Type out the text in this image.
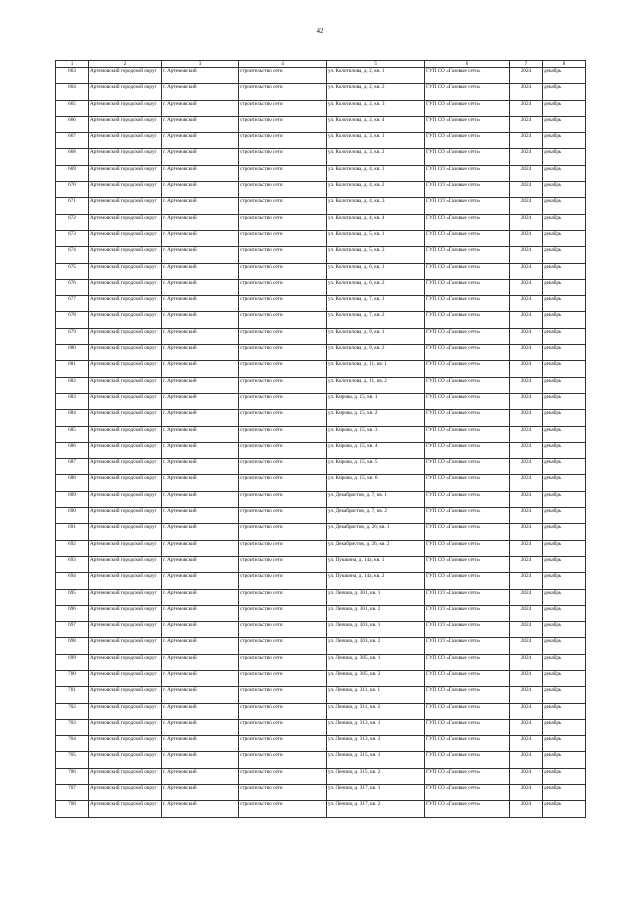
42
1	2	3	4	5	6	7	8
663	Артемовский городской округ	г. Артемовский	строительство сети	ул. Колотилова, д. 2, кв. 1	ГУП СО «Газовые сети»	2024	декабрь
664	Артемовский городской округ	г. Артемовский	строительство сети	ул. Колотилова, д. 2, кв. 2	ГУП СО «Газовые сети»	2024	декабрь
665	Артемовский городской округ	г. Артемовский	строительство сети	ул. Колотилова, д. 2, кв. 3	ГУП СО «Газовые сети»	2024	декабрь
666	Артемовский городской округ	г. Артемовский	строительство сети	ул. Колотилова, д. 2, кв. 4	ГУП СО «Газовые сети»	2024	декабрь
667	Артемовский городской округ	г. Артемовский	строительство сети	ул. Колотилова, д. 3, кв. 1	ГУП СО «Газовые сети»	2024	декабрь
668	Артемовский городской округ	г. Артемовский	строительство сети	ул. Колотилова, д. 3, кв. 2	ГУП СО «Газовые сети»	2024	декабрь
669	Артемовский городской округ	г. Артемовский	строительство сети	ул. Колотилова, д. 4, кв. 1	ГУП СО «Газовые сети»	2024	декабрь
670	Артемовский городской округ	г. Артемовский	строительство сети	ул. Колотилова, д. 4, кв. 2	ГУП СО «Газовые сети»	2024	декабрь
671	Артемовский городской округ	г. Артемовский	строительство сети	ул. Колотилова, д. 4, кв. 3	ГУП СО «Газовые сети»	2024	декабрь
672	Артемовский городской округ	г. Артемовский	строительство сети	ул. Колотилова, д. 4, кв. 4	ГУП СО «Газовые сети»	2024	декабрь
673	Артемовский городской округ	г. Артемовский	строительство сети	ул. Колотилова, д. 5, кв. 1	ГУП СО «Газовые сети»	2024	декабрь
674	Артемовский городской округ	г. Артемовский	строительство сети	ул. Колотилова, д. 5, кв. 2	ГУП СО «Газовые сети»	2024	декабрь
675	Артемовский городской округ	г. Артемовский	строительство сети	ул. Колотилова, д. 6, кв. 1	ГУП СО «Газовые сети»	2024	декабрь
676	Артемовский городской округ	г. Артемовский	строительство сети	ул. Колотилова, д. 6, кв. 2	ГУП СО «Газовые сети»	2024	декабрь
677	Артемовский городской округ	г. Артемовский	строительство сети	ул. Колотилова, д. 7, кв. 1	ГУП СО «Газовые сети»	2024	декабрь
678	Артемовский городской округ	г. Артемовский	строительство сети	ул. Колотилова, д. 7, кв. 2	ГУП СО «Газовые сети»	2024	декабрь
679	Артемовский городской округ	г. Артемовский	строительство сети	ул. Колотилова, д. 9, кв. 1	ГУП СО «Газовые сети»	2024	декабрь
680	Артемовский городской округ	г. Артемовский	строительство сети	ул. Колотилова, д. 9, кв. 2	ГУП СО «Газовые сети»	2024	декабрь
681	Артемовский городской округ	г. Артемовский	строительство сети	ул. Колотилова, д. 11, кв. 1	ГУП СО «Газовые сети»	2024	декабрь
682	Артемовский городской округ	г. Артемовский	строительство сети	ул. Колотилова, д. 11, кв. 2	ГУП СО «Газовые сети»	2024	декабрь
683	Артемовский городской округ	г. Артемовский	строительство сети	ул. Кирова, д. 15, кв. 1	ГУП СО «Газовые сети»	2024	декабрь
684	Артемовский городской округ	г. Артемовский	строительство сети	ул. Кирова, д. 15, кв. 2	ГУП СО «Газовые сети»	2024	декабрь
685	Артемовский городской округ	г. Артемовский	строительство сети	ул. Кирова, д. 15, кв. 3	ГУП СО «Газовые сети»	2024	декабрь
686	Артемовский городской округ	г. Артемовский	строительство сети	ул. Кирова, д. 15, кв. 4	ГУП СО «Газовые сети»	2024	декабрь
687	Артемовский городской округ	г. Артемовский	строительство сети	ул. Кирова, д. 15, кв. 5	ГУП СО «Газовые сети»	2024	декабрь
688	Артемовский городской округ	г. Артемовский	строительство сети	ул. Кирова, д. 15, кв. 6	ГУП СО «Газовые сети»	2024	декабрь
689	Артемовский городской округ	г. Артемовский	строительство сети	ул. Декабристов, д. 7, кв. 1	ГУП СО «Газовые сети»	2024	декабрь
690	Артемовский городской округ	г. Артемовский	строительство сети	ул. Декабристов, д. 7, кв. 2	ГУП СО «Газовые сети»	2024	декабрь
691	Артемовский городской округ	г. Артемовский	строительство сети	ул. Декабристов, д. 26, кв. 1	ГУП СО «Газовые сети»	2024	декабрь
692	Артемовский городской округ	г. Артемовский	строительство сети	ул. Декабристов, д. 26, кв. 2	ГУП СО «Газовые сети»	2024	декабрь
693	Артемовский городской округ	г. Артемовский	строительство сети	ул. Пушкина, д. 14а, кв. 1	ГУП СО «Газовые сети»	2024	декабрь
694	Артемовский городской округ	г. Артемовский	строительство сети	ул. Пушкина, д. 14а, кв. 2	ГУП СО «Газовые сети»	2024	декабрь
695	Артемовский городской округ	г. Артемовский	строительство сети	ул. Ленина, д. 301, кв. 1	ГУП СО «Газовые сети»	2024	декабрь
696	Артемовский городской округ	г. Артемовский	строительство сети	ул. Ленина, д. 301, кв. 2	ГУП СО «Газовые сети»	2024	декабрь
697	Артемовский городской округ	г. Артемовский	строительство сети	ул. Ленина, д. 303, кв. 1	ГУП СО «Газовые сети»	2024	декабрь
698	Артемовский городской округ	г. Артемовский	строительство сети	ул. Ленина, д. 303, кв. 2	ГУП СО «Газовые сети»	2024	декабрь
699	Артемовский городской округ	г. Артемовский	строительство сети	ул. Ленина, д. 305, кв. 1	ГУП СО «Газовые сети»	2024	декабрь
700	Артемовский городской округ	г. Артемовский	строительство сети	ул. Ленина, д. 305, кв. 2	ГУП СО «Газовые сети»	2024	декабрь
701	Артемовский городской округ	г. Артемовский	строительство сети	ул. Ленина, д. 311, кв. 1	ГУП СО «Газовые сети»	2024	декабрь
702	Артемовский городской округ	г. Артемовский	строительство сети	ул. Ленина, д. 311, кв. 2	ГУП СО «Газовые сети»	2024	декабрь
703	Артемовский городской округ	г. Артемовский	строительство сети	ул. Ленина, д. 313, кв. 1	ГУП СО «Газовые сети»	2024	декабрь
704	Артемовский городской округ	г. Артемовский	строительство сети	ул. Ленина, д. 313, кв. 2	ГУП СО «Газовые сети»	2024	декабрь
705	Артемовский городской округ	г. Артемовский	строительство сети	ул. Ленина, д. 315, кв. 1	ГУП СО «Газовые сети»	2024	декабрь
706	Артемовский городской округ	г. Артемовский	строительство сети	ул. Ленина, д. 315, кв. 2	ГУП СО «Газовые сети»	2024	декабрь
707	Артемовский городской округ	г. Артемовский	строительство сети	ул. Ленина, д. 317, кв. 1	ГУП СО «Газовые сети»	2024	декабрь
708	Артемовский городской округ	г. Артемовский	строительство сети	ул. Ленина, д. 317, кв. 2	ГУП СО «Газовые сети»	2024	декабрь
